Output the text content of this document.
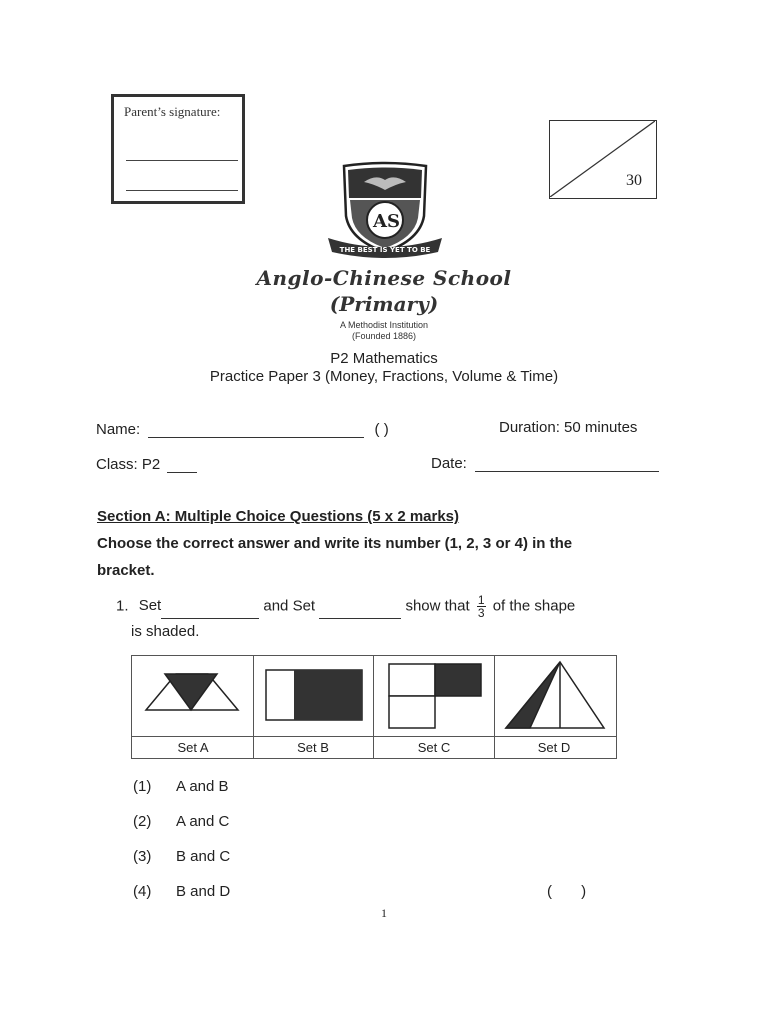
Parent’s signature:
30
AS
THE BEST IS YET TO BE
Anglo-Chinese School
(Primary)
A Methodist Institution
(Founded 1886)
P2 Mathematics
Practice Paper 3 (Money, Fractions, Volume & Time)
Name:	( )	Duration: 50 minutes
Class: P2	Date:
Section A: Multiple Choice Questions (5 x 2 marks)
Choose the correct answer and write its number (1, 2, 3 or 4) in the
bracket.
1. Set	and Set	show that $\frac{1}{3}$ of the shape
is shaded.
Set A	Set B	Set C	Set D
(1) A and B
(2) A and C
(3) B and C
(4) B and D	(       )
1
